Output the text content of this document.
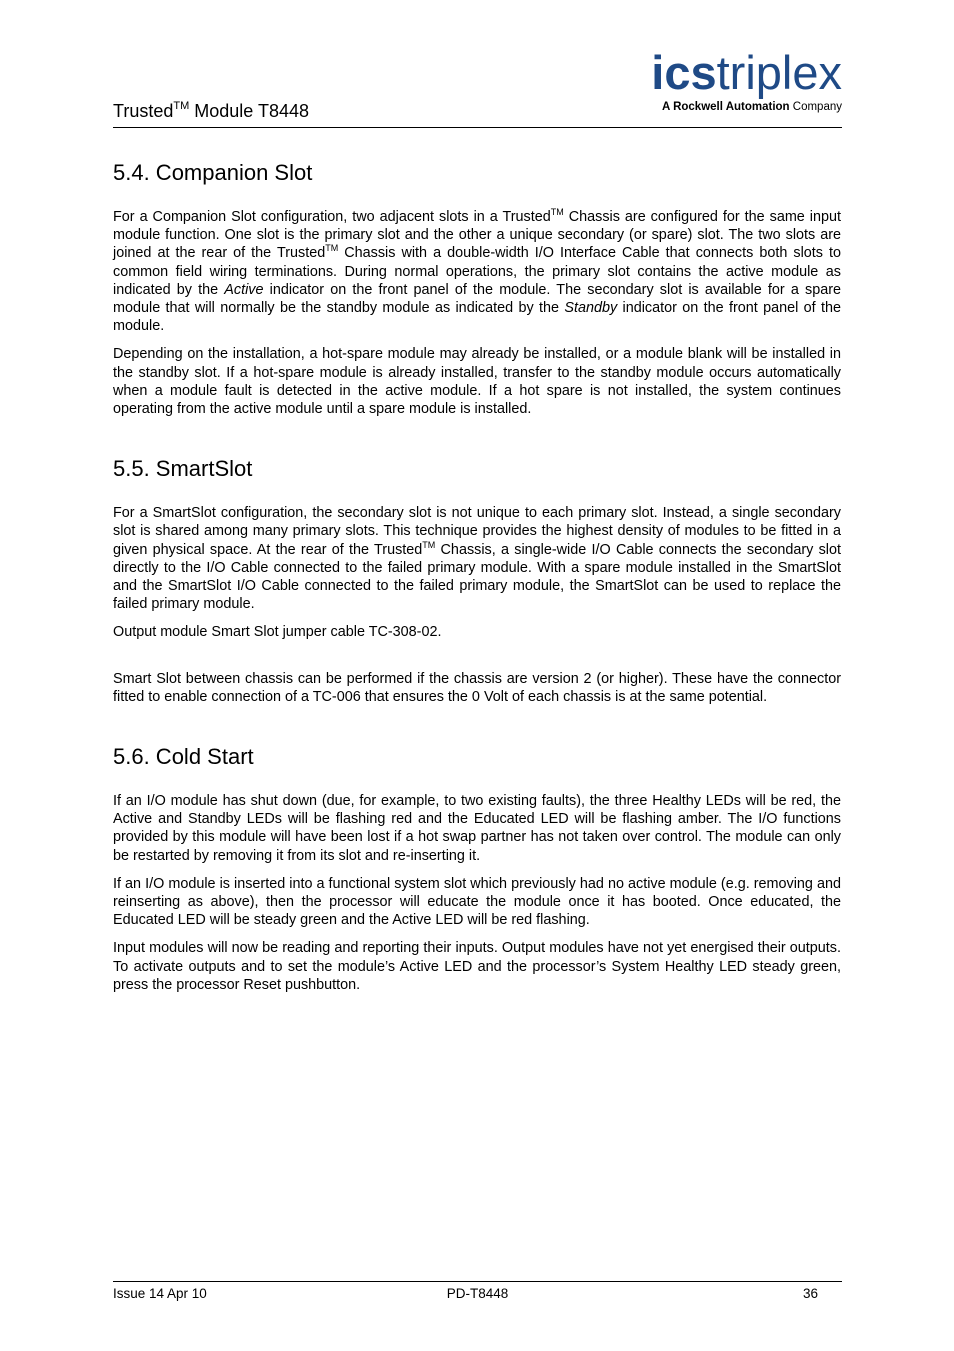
Trusted™ Module T8448
icstriplex
A Rockwell Automation Company
5.4. Companion Slot

For a Companion Slot configuration, two adjacent slots in a Trusted™ Chassis are configured for the same input module function. One slot is the primary slot and the other a unique secondary (or spare) slot. The two slots are joined at the rear of the Trusted™ Chassis with a double-width I/O Interface Cable that connects both slots to common field wiring terminations. During normal operations, the primary slot contains the active module as indicated by the Active indicator on the front panel of the module. The secondary slot is available for a spare module that will normally be the standby module as indicated by the Standby indicator on the front panel of the module.

Depending on the installation, a hot-spare module may already be installed, or a module blank will be installed in the standby slot. If a hot-spare module is already installed, transfer to the standby module occurs automatically when a module fault is detected in the active module. If a hot spare is not installed, the system continues operating from the active module until a spare module is installed.

5.5. SmartSlot

For a SmartSlot configuration, the secondary slot is not unique to each primary slot. Instead, a single secondary slot is shared among many primary slots. This technique provides the highest density of modules to be fitted in a given physical space. At the rear of the Trusted™ Chassis, a single-wide I/O Cable connects the secondary slot directly to the I/O Cable connected to the failed primary module. With a spare module installed in the SmartSlot and the SmartSlot I/O Cable connected to the failed primary module, the SmartSlot can be used to replace the failed primary module.

Output module Smart Slot jumper cable TC-308-02.

Smart Slot between chassis can be performed if the chassis are version 2 (or higher). These have the connector fitted to enable connection of a TC-006 that ensures the 0 Volt of each chassis is at the same potential.

5.6. Cold Start

If an I/O module has shut down (due, for example, to two existing faults), the three Healthy LEDs will be red, the Active and Standby LEDs will be flashing red and the Educated LED will be flashing amber. The I/O functions provided by this module will have been lost if a hot swap partner has not taken over control. The module can only be restarted by removing it from its slot and re-inserting it.

If an I/O module is inserted into a functional system slot which previously had no active module (e.g. removing and reinserting as above), then the processor will educate the module once it has booted. Once educated, the Educated LED will be steady green and the Active LED will be red flashing.

Input modules will now be reading and reporting their inputs. Output modules have not yet energised their outputs. To activate outputs and to set the module’s Active LED and the processor’s System Healthy LED steady green, press the processor Reset pushbutton.

Issue 14 Apr 10	PD-T8448	36
